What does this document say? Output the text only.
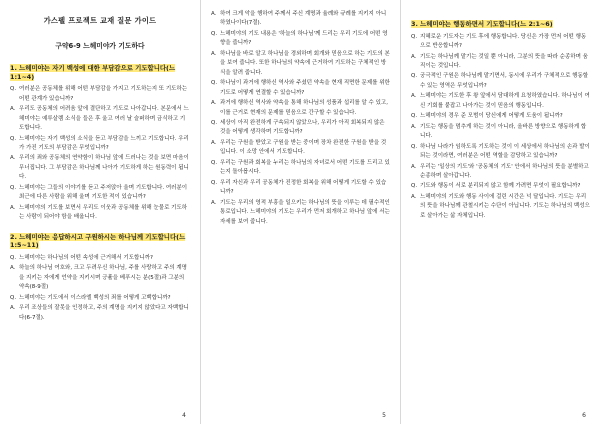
가스펠 프로젝트 교재 질문 가이드
구약6-9 느헤미야가 기도하다
1. 느헤미야는 자기 백성에 대한 부담감으로 기도합니다(느 1:1~4)
Q. 여러분은 공동체를 위해 어떤 부담감을 가지고 기도하는지 또 기도하는 어떤 관계가 있습니까?
A. 우리도 공동체의 어려움 앞에 결단하고 기도로 나아갑니다. 본문에서 느헤미야는 예루살렘 소식을 들은 후 울고 여러 날 슬퍼하며 금식하고 기도합니다.
Q. 느헤미야는 자기 백성의 소식을 듣고 부담감을 느끼고 기도합니다. 우리가 가진 기도의 부담감은 무엇입니까?
A. 우리의 죄와 공동체의 연약함이 하나님 앞에 드러나는 것을 보면 마음이 무너집니다. 그 부담감은 하나님께 나아가 기도하게 하는 원동력이 됩니다.
Q. 느헤미야는 그들의 이야기를 듣고 주저앉아 울며 기도합니다. 여러분이 최근에 다른 사람을 위해 울며 기도한 적이 있습니까?
A. 느헤미야의 기도를 보면서 우리도 이웃과 공동체를 위해 눈물로 기도하는 사람이 되어야 함을 배웁니다.
2. 느헤미야는 응답하시고 구원하시는 하나님께 기도합니다(느 1:5~11)
Q. 느헤미야는 하나님의 어떤 속성에 근거해서 기도합니까?
A. 하늘의 하나님 여호와, 크고 두려우신 하나님, 주를 사랑하고 주의 계명을 지키는 자에게 언약을 지키시며 긍휼을 베푸시는 분(5절)과 그분의 약속(8-9절)
Q. 느헤미야는 기도에서 이스라엘 백성의 죄를 어떻게 고백합니까?
A. 우리 조상들의 잘못을 인정하고, 주의 계명을 지키지 않았다고 자백합니다(6-7절).
4
A. 하여 크게 악을 행하여 주께서 주신 계명과 율례와 규례를 지키지 아니하였나이다(7절).
Q. 느헤미야의 기도 내용은 '하늘의 하나님'께 드리는 우리 기도에 어떤 영향을 줍니까?
A. 하나님을 바로 알고 하나님을 경외하며 회개와 믿음으로 하는 기도의 본을 보여 줍니다. 또한 하나님의 약속에 근거하여 기도하는 구체적인 방식을 알려 줍니다.
Q. 하나님이 과거에 행하신 역사와 주셨던 약속을 현재 직면한 문제를 위한 기도로 어떻게 연결할 수 있습니까?
A. 과거에 행하신 역사와 약속을 통해 하나님의 성품과 섭리를 알 수 있고, 이를 근거로 현재의 문제를 믿음으로 간구할 수 있습니다.
Q. 세상이 아직 완전하게 구속되지 않았으나, 우리가 아직 회복되지 않은 것을 어떻게 생각하며 기도합니까?
A. 우리는 구원을 받았고 구원을 받는 중이며 장차 완전한 구원을 받을 것입니다. 이 소망 안에서 기도합니다.
Q. 우리는 구원과 회복을 누리는 하나님의 자녀로서 어떤 기도를 드리고 있는지 돌아봅시다.
Q. 우리 자신과 우리 공동체가 진정한 회복을 위해 어떻게 기도할 수 있습니까?
A. 기도는 우리의 영적 부흥을 일으키는 하나님의 뜻을 이루는 데 필수적인 통로입니다. 느헤미야의 기도는 우리가 먼저 회개하고 하나님 앞에 서는 자세를 보여 줍니다.
5
3. 느헤미야는 행동하면서 기도합니다(느 2:1~6)
Q. 지혜로운 기도자는 기도 후에 행동합니다. 당신은 가장 먼저 어떤 행동으로 반응합니까?
A. 기도는 하나님께 맡기는 것일 뿐 아니라, 그분의 뜻을 따라 순종하며 움직이는 것입니다.
Q. 궁극적인 구원은 하나님께 맡기면서, 동시에 우리가 구체적으로 행동할 수 있는 영역은 무엇입니까?
A. 느헤미야는 기도한 후 왕 앞에서 담대하게 요청하였습니다. 하나님이 여신 기회를 붙잡고 나아가는 것이 믿음의 행동입니다.
Q. 느헤미야의 경우 준 모범이 당신에게 어떻게 도움이 됩니까?
A. 기도는 행동을 멈추게 하는 것이 아니라, 올바른 방향으로 행동하게 합니다.
Q. 하나님 나라가 임하도록 기도하는 것이 이 세상에서 하나님의 손과 발이 되는 것이라면, 여러분은 어떤 역할을 감당하고 있습니까?
A. 우리는 '일상의 기도'와 '공동체의 기도' 안에서 하나님의 뜻을 분별하고 순종하며 살아갑니다.
Q. 기도와 행동이 서로 분리되지 않고 함께 가려면 무엇이 필요합니까?
A. 느헤미야의 기도와 행동 사이에 걸린 시간은 넉 달입니다. 기도는 우리의 뜻을 하나님께 관철시키는 수단이 아닙니다. 기도는 하나님의 백성으로 살아가는 삶 자체입니다.
6
